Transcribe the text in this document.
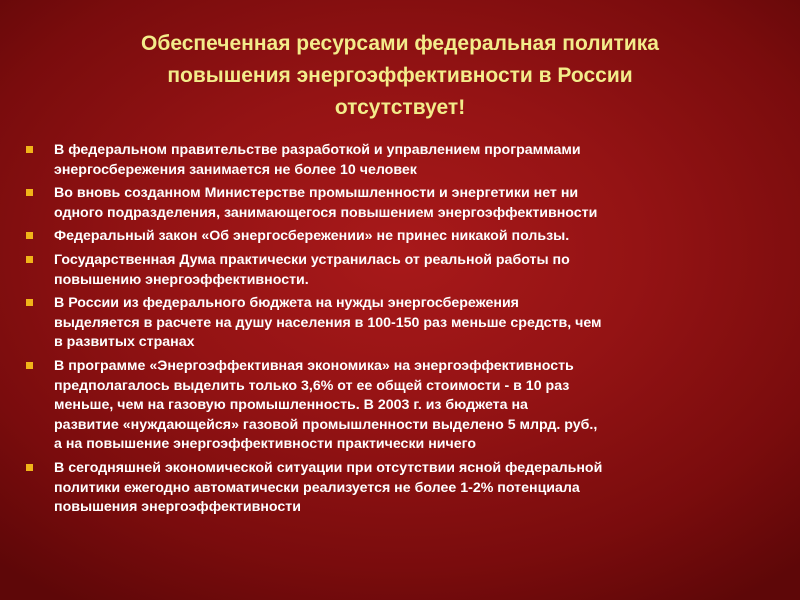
Обеспеченная ресурсами федеральная политика
повышения энергоэффективности в России
отсутствует!
В федеральном правительстве разработкой и управлением программами
энергосбережения занимается не более 10 человек
Во вновь созданном Министерстве промышленности и энергетики нет ни
одного подразделения, занимающегося повышением энергоэффективности
Федеральный закон «Об энергосбережении» не принес никакой пользы.
Государственная Дума практически устранилась от реальной работы по
повышению энергоэффективности.
В России из федерального бюджета на нужды энергосбережения
выделяется в расчете на душу населения в 100-150 раз меньше средств, чем
в развитых странах
В программе «Энергоэффективная экономика» на энергоэффективность
предполагалось выделить только 3,6% от ее общей стоимости - в 10 раз
меньше, чем на газовую промышленность. В 2003 г. из бюджета на
развитие «нуждающейся» газовой промышленности выделено 5 млрд. руб.,
а на повышение энергоэффективности практически ничего
В сегодняшней экономической ситуации при отсутствии ясной федеральной
политики ежегодно автоматически реализуется не более 1-2% потенциала
повышения энергоэффективности
